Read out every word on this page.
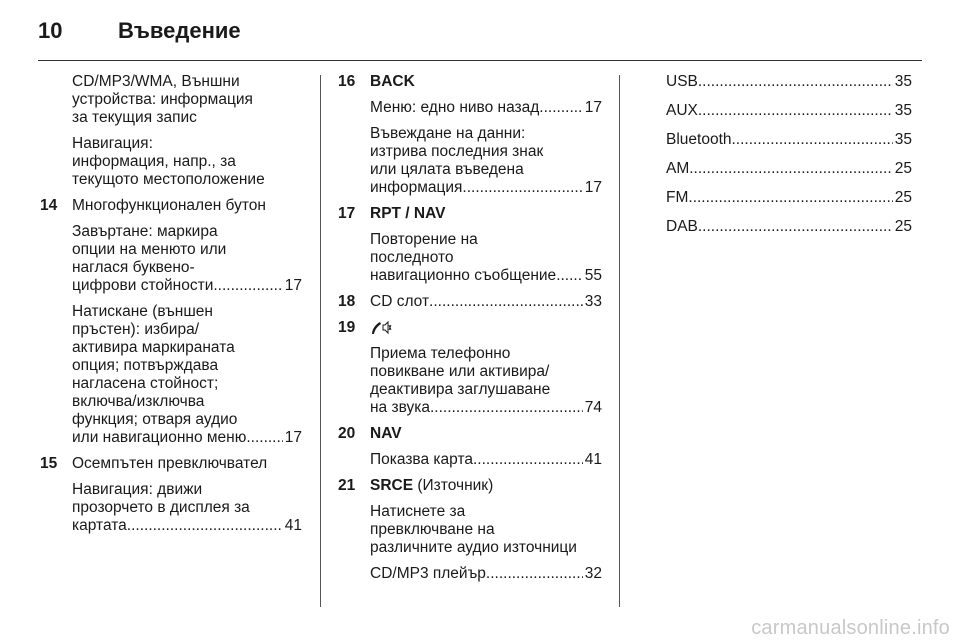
10	Въведение
CD/MP3/WMA, Външни
устройства: информация
за текущия запис
Навигация:
информация, напр., за
текущото местоположение
14 Многофункционален бутон
Завъртане: маркира
опции на менюто или
наглася буквено-
цифрови стойности .....	17
Натискане (външен
пръстен): избира/
активира маркираната
опция; потвърждава
нагласена стойност;
включва/изключва
функция; отваря аудио
или навигационно меню ..... 17
15 Осемпътен превключвател
Навигация: движи
прозорчето в дисплея за
картата .....	41
16 BACK
Меню: едно ниво назад .....	17
Въвеждане на данни:
изтрива последния знак
или цялата въведена
информация .....	17
17 RPT / NAV
Повторение на
последното
навигационно съобщение ..... 55
18 CD слот .....	33
19
Приема телефонно
повикване или активира/
деактивира заглушаване
на звука .....	74
20 NAV
Показва карта .....	41
21 SRCE (Източник)
Натиснете за
превключване на
различните аудио източници
CD/MP3 плейър .....	32
USB .....	35
AUX .....	35
Bluetooth .....	35
AM .....	25
FM .....	25
DAB .....	25
carmanualsonline.info
